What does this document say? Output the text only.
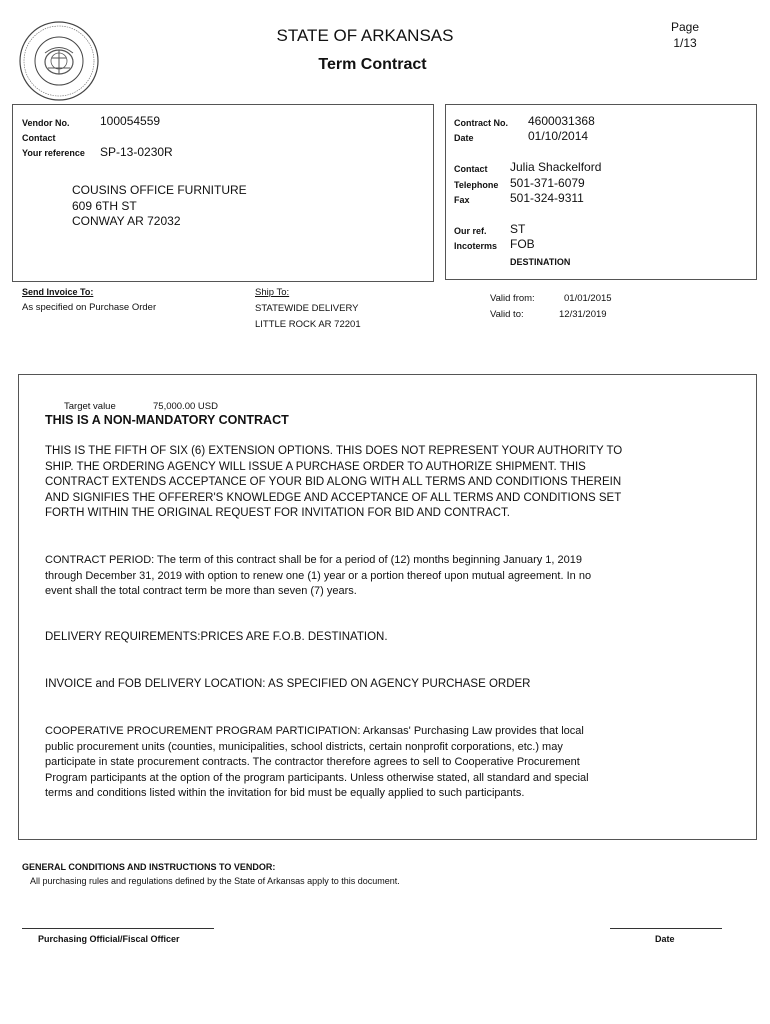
STATE OF ARKANSAS
Term Contract
Page
1/13
Vendor No.	100054559
Contact
Your reference SP-13-0230R
COUSINS OFFICE FURNITURE
609 6TH ST
CONWAY AR 72032
Contract No. 4600031368
Date	01/10/2014
Contact Julia Shackelford
Telephone 501-371-6079
Fax	501-324-9311
Our ref. ST
Incoterms FOB
DESTINATION
Send Invoice To:
As specified on Purchase Order
Ship To:
STATEWIDE DELIVERY
LITTLE ROCK AR 72201
Valid from:	01/01/2015
Valid to:	12/31/2019
Target value	75,000.00 USD
THIS IS A NON-MANDATORY CONTRACT
THIS IS THE FIFTH OF SIX (6) EXTENSION OPTIONS. THIS DOES NOT REPRESENT YOUR AUTHORITY TO
SHIP. THE ORDERING AGENCY WILL ISSUE A PURCHASE ORDER TO AUTHORIZE SHIPMENT. THIS
CONTRACT EXTENDS ACCEPTANCE OF YOUR BID ALONG WITH ALL TERMS AND CONDITIONS THEREIN
AND SIGNIFIES THE OFFERER'S KNOWLEDGE AND ACCEPTANCE OF ALL TERMS AND CONDITIONS SET
FORTH WITHIN THE ORIGINAL REQUEST FOR INVITATION FOR BID AND CONTRACT.
CONTRACT PERIOD: The term of this contract shall be for a period of (12) months beginning January 1, 2019
through December 31, 2019 with option to renew one (1) year or a portion thereof upon mutual agreement. In no
event shall the total contract term be more than seven (7) years.
DELIVERY REQUIREMENTS:PRICES ARE F.O.B. DESTINATION.
INVOICE and FOB DELIVERY LOCATION: AS SPECIFIED ON AGENCY PURCHASE ORDER
COOPERATIVE PROCUREMENT PROGRAM PARTICIPATION: Arkansas' Purchasing Law provides that local
public procurement units (counties, municipalities, school districts, certain nonprofit corporations, etc.) may
participate in state procurement contracts. The contractor therefore agrees to sell to Cooperative Procurement
Program participants at the option of the program participants. Unless otherwise stated, all standard and special
terms and conditions listed within the invitation for bid must be equally applied to such participants.
GENERAL CONDITIONS AND INSTRUCTIONS TO VENDOR:
All purchasing rules and regulations defined by the State of Arkansas apply to this document.
Purchasing Official/Fiscal Officer	Date
